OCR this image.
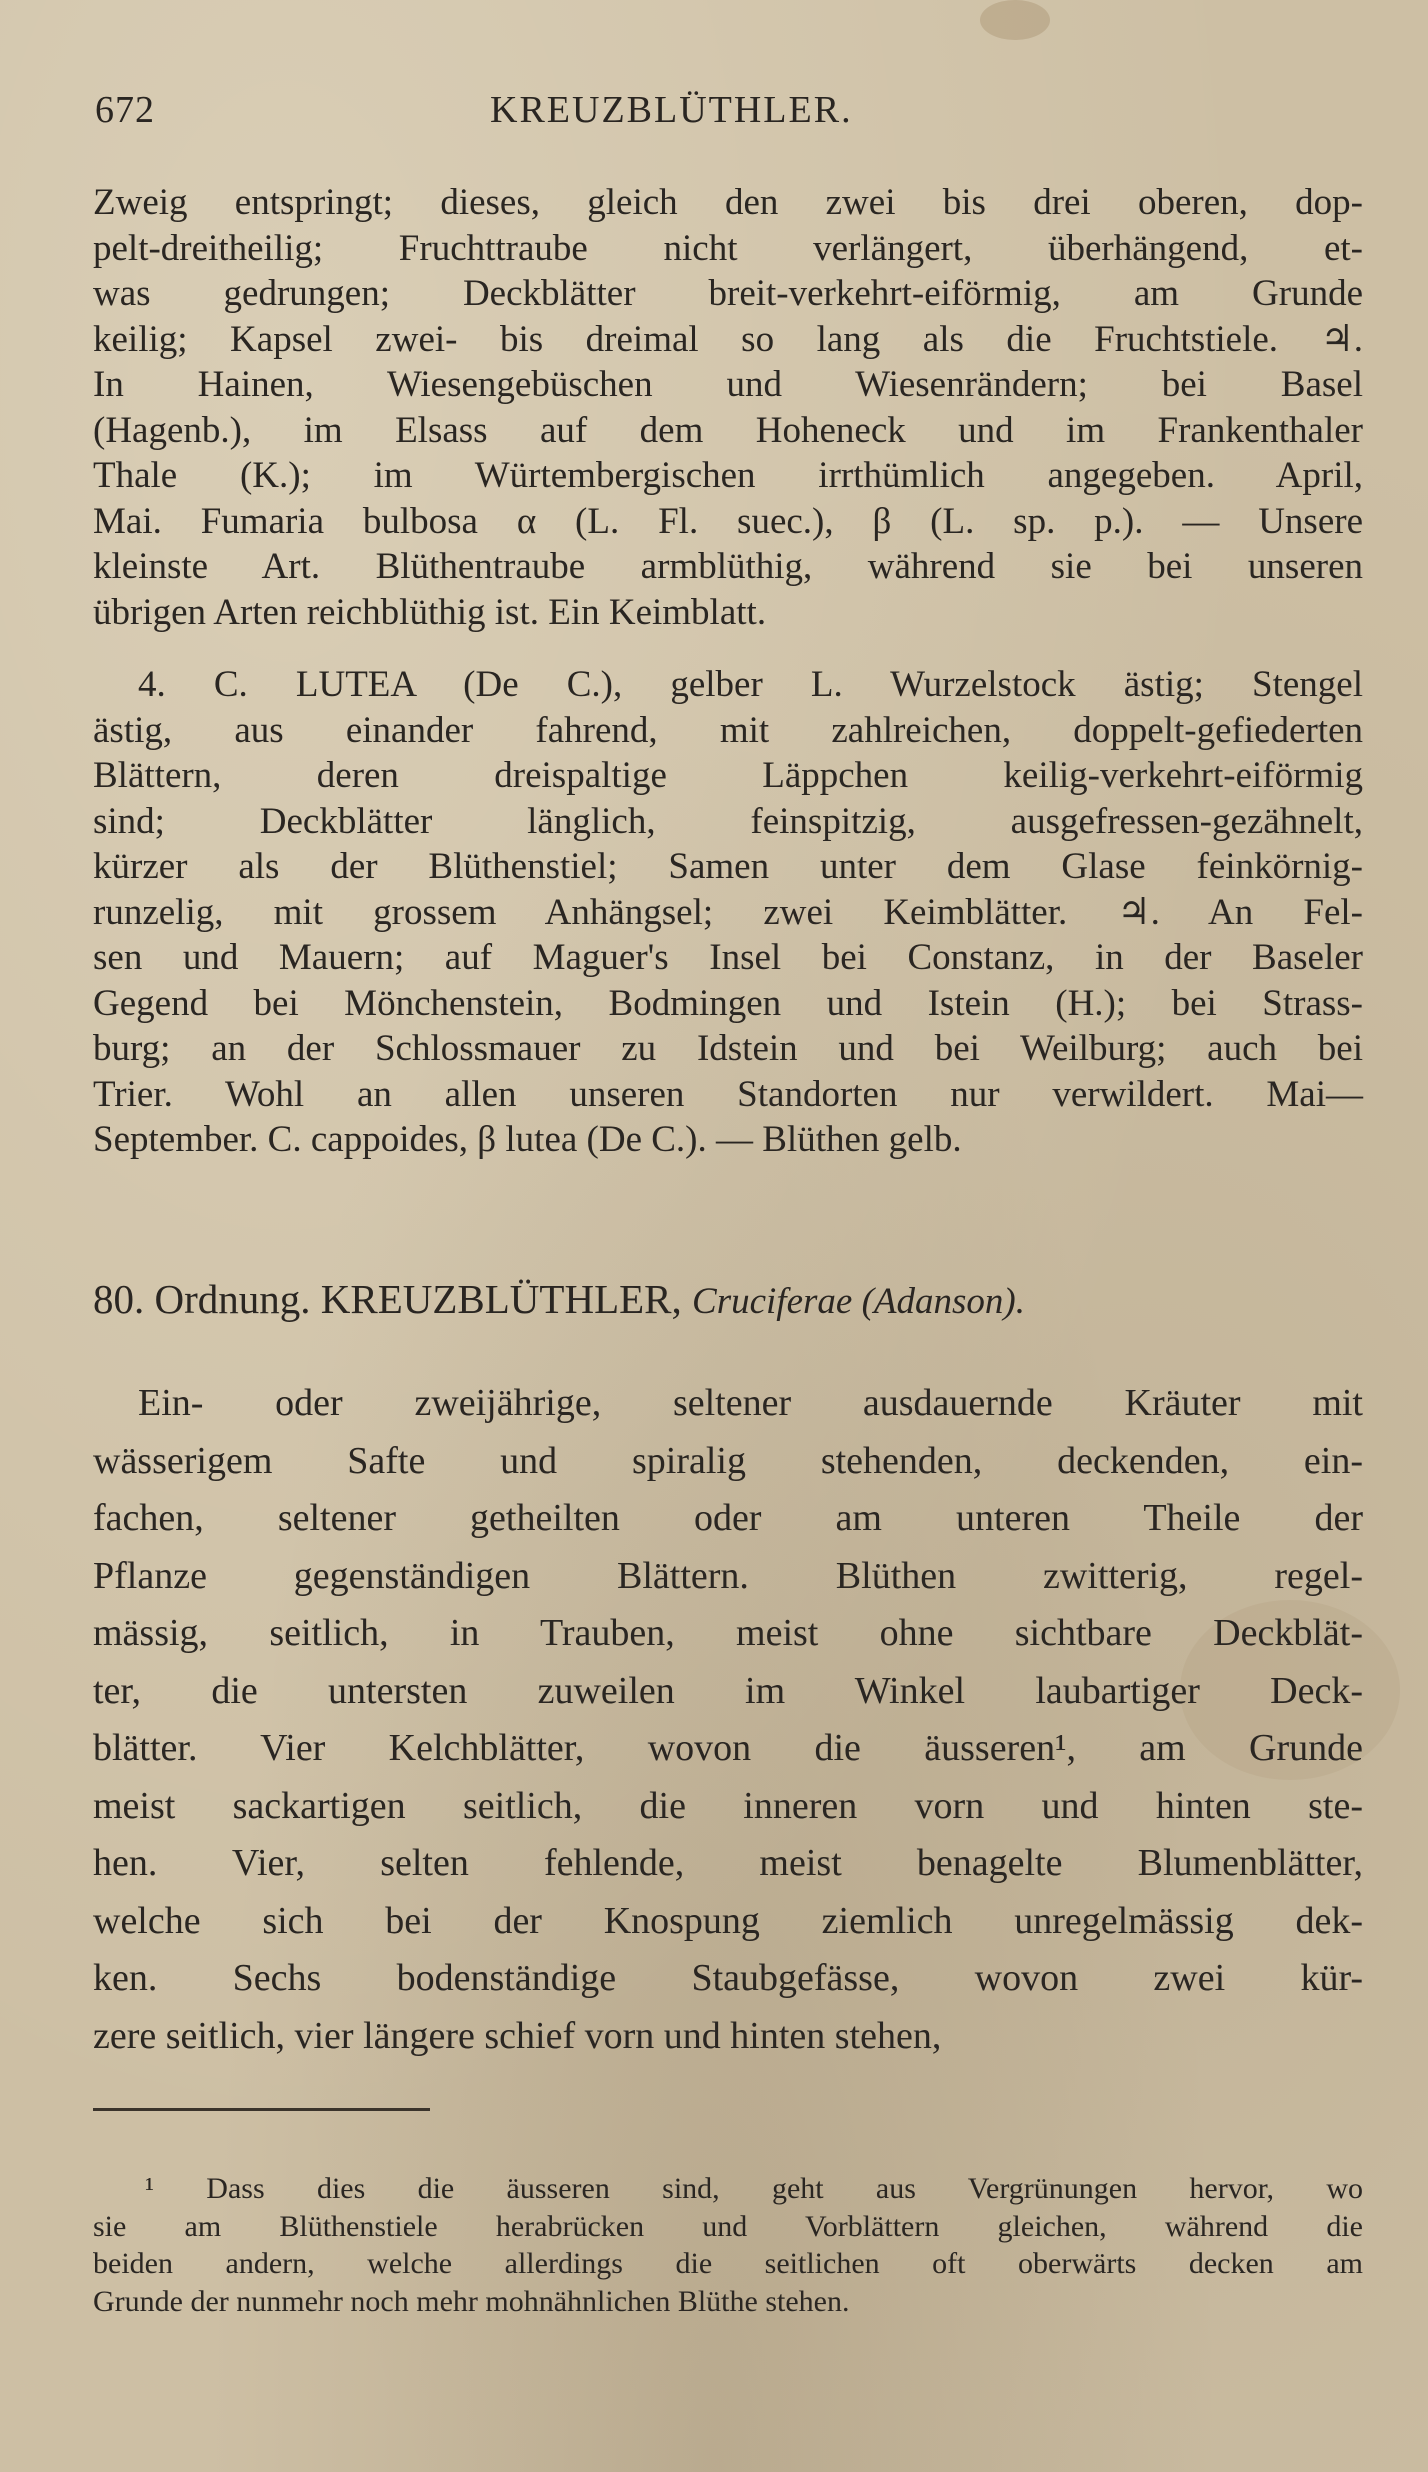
672	KREUZBLÜTHLER.
Zweig entspringt; dieses, gleich den zwei bis drei oberen, dop-
pelt-dreitheilig; Fruchttraube nicht verlängert, überhängend, et-
was gedrungen; Deckblätter breit-verkehrt-eiförmig, am Grunde
keilig; Kapsel zwei- bis dreimal so lang als die Fruchtstiele. ♃.
In Hainen, Wiesengebüschen und Wiesenrändern; bei Basel
(Hagenb.), im Elsass auf dem Hoheneck und im Frankenthaler
Thale (K.); im Würtembergischen irrthümlich angegeben. April,
Mai. Fumaria bulbosa α (L. Fl. suec.), β (L. sp. p.). — Unsere
kleinste Art. Blüthentraube armblüthig, während sie bei unseren
übrigen Arten reichblüthig ist. Ein Keimblatt.
4. C. LUTEA (De C.), gelber L. Wurzelstock ästig; Stengel
ästig, aus einander fahrend, mit zahlreichen, doppelt-gefiederten
Blättern, deren dreispaltige Läppchen keilig-verkehrt-eiförmig
sind; Deckblätter länglich, feinspitzig, ausgefressen-gezähnelt,
kürzer als der Blüthenstiel; Samen unter dem Glase feinkörnig-
runzelig, mit grossem Anhängsel; zwei Keimblätter. ♃. An Fel-
sen und Mauern; auf Maguer's Insel bei Constanz, in der Baseler
Gegend bei Mönchenstein, Bodmingen und Istein (H.); bei Strass-
burg; an der Schlossmauer zu Idstein und bei Weilburg; auch bei
Trier. Wohl an allen unseren Standorten nur verwildert. Mai—
September. C. cappoides, β lutea (De C.). — Blüthen gelb.
80. Ordnung. KREUZBLÜTHLER, Cruciferae (Adanson).
Ein- oder zweijährige, seltener ausdauernde Kräuter mit
wässerigem Safte und spiralig stehenden, deckenden, ein-
fachen, seltener getheilten oder am unteren Theile der
Pflanze gegenständigen Blättern. Blüthen zwitterig, regel-
mässig, seitlich, in Trauben, meist ohne sichtbare Deckblät-
ter, die untersten zuweilen im Winkel laubartiger Deck-
blätter. Vier Kelchblätter, wovon die äusseren¹, am Grunde
meist sackartigen seitlich, die inneren vorn und hinten ste-
hen. Vier, selten fehlende, meist benagelte Blumenblätter,
welche sich bei der Knospung ziemlich unregelmässig dek-
ken. Sechs bodenständige Staubgefässe, wovon zwei kür-
zere seitlich, vier längere schief vorn und hinten stehen,
¹ Dass dies die äusseren sind, geht aus Vergrünungen hervor, wo
sie am Blüthenstiele herabrücken und Vorblättern gleichen, während die
beiden andern, welche allerdings die seitlichen oft oberwärts decken am
Grunde der nunmehr noch mehr mohnähnlichen Blüthe stehen.
